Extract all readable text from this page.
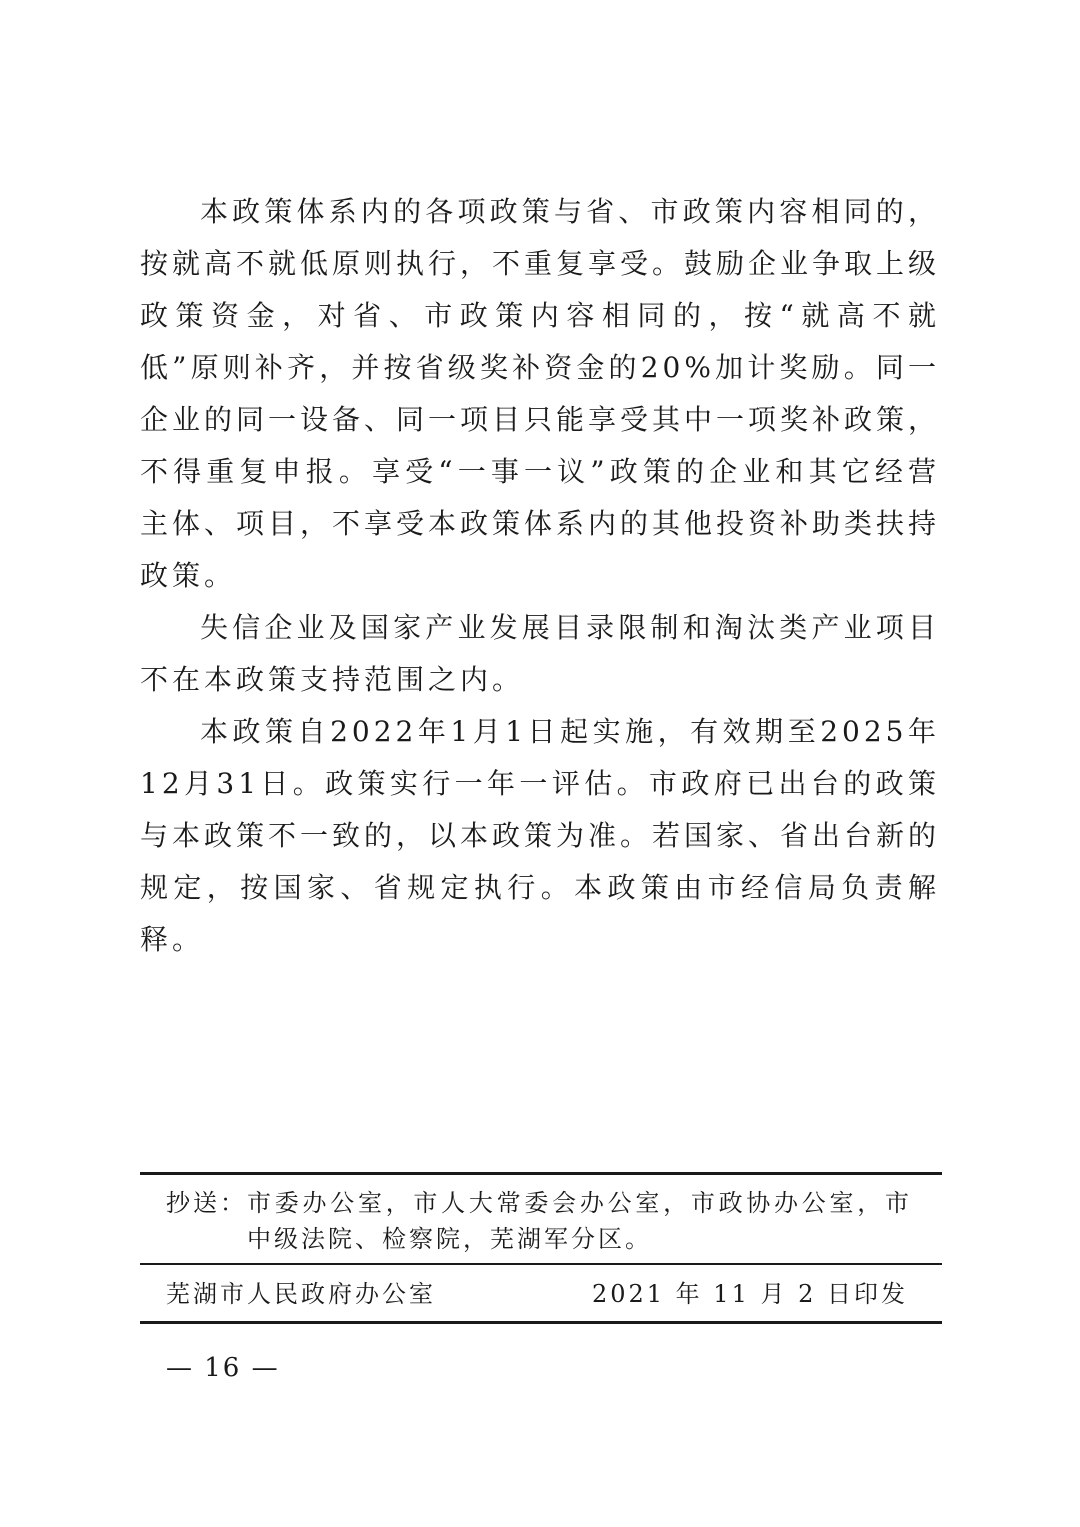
本政策体系内的各项政策与省、市政策内容相同的，按就高不就低原则执行，不重复享受。鼓励企业争取上级政策资金，对省、市政策内容相同的，按“就高不就低”原则补齐，并按省级奖补资金的20%加计奖励。同一企业的同一设备、同一项目只能享受其中一项奖补政策，不得重复申报。享受“一事一议”政策的企业和其它经营主体、项目，不享受本政策体系内的其他投资补助类扶持政策。

失信企业及国家产业发展目录限制和淘汰类产业项目不在本政策支持范围之内。

本政策自2022年1月1日起实施，有效期至2025年12月31日。政策实行一年一评估。市政府已出台的政策与本政策不一致的，以本政策为准。若国家、省出台新的规定，按国家、省规定执行。本政策由市经信局负责解释。

抄送： 市委办公室，市人大常委会办公室，市政协办公室，市中级法院、检察院，芜湖军分区。
芜湖市人民政府办公室	2021 年 11 月 2 日印发
— 16 —
